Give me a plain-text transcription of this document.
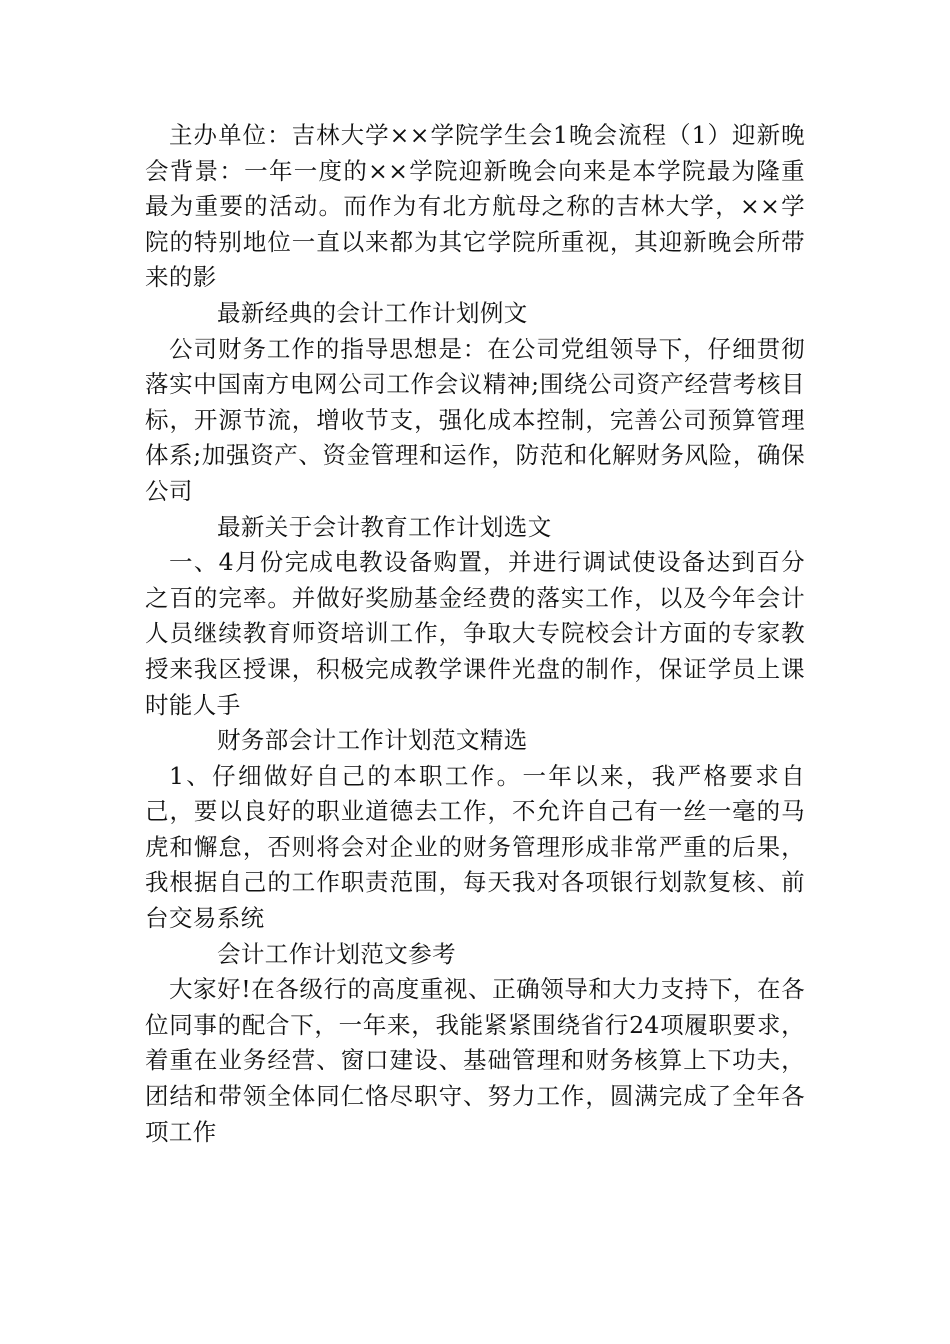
主办单位：吉林大学××学院学生会1晚会流程（1）迎新晚会背景：一年一度的××学院迎新晚会向来是本学院最为隆重最为重要的活动。而作为有北方航母之称的吉林大学，××学院的特别地位一直以来都为其它学院所重视，其迎新晚会所带来的影

最新经典的会计工作计划例文

公司财务工作的指导思想是：在公司党组领导下，仔细贯彻落实中国南方电网公司工作会议精神;围绕公司资产经营考核目标，开源节流，增收节支，强化成本控制，完善公司预算管理体系;加强资产、资金管理和运作，防范和化解财务风险，确保公司

最新关于会计教育工作计划选文

一、4月份完成电教设备购置，并进行调试使设备达到百分之百的完率。并做好奖励基金经费的落实工作，以及今年会计人员继续教育师资培训工作，争取大专院校会计方面的专家教授来我区授课，积极完成教学课件光盘的制作，保证学员上课时能人手

财务部会计工作计划范文精选

1、仔细做好自己的本职工作。一年以来，我严格要求自己，要以良好的职业道德去工作，不允许自己有一丝一毫的马虎和懈怠，否则将会对企业的财务管理形成非常严重的后果，我根据自己的工作职责范围，每天我对各项银行划款复核、前台交易系统

会计工作计划范文参考

大家好!在各级行的高度重视、正确领导和大力支持下，在各位同事的配合下，一年来，我能紧紧围绕省行24项履职要求，着重在业务经营、窗口建设、基础管理和财务核算上下功夫，团结和带领全体同仁恪尽职守、努力工作，圆满完成了全年各项工作
